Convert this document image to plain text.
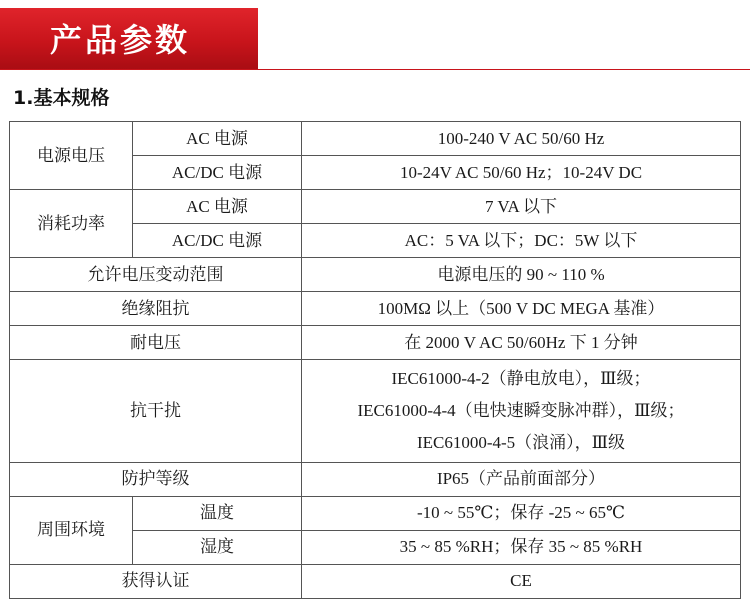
产品参数
1.基本规格
电源电压	AC 电源	100-240 V AC 50/60 Hz
	AC/DC 电源	10-24V AC 50/60 Hz；10-24V DC
消耗功率	AC 电源	7 VA 以下
	AC/DC 电源	AC：5 VA 以下；DC：5W 以下
允许电压变动范围		电源电压的 90 ~ 110 %
绝缘阻抗		100MΩ 以上（500 V DC MEGA 基准）
耐电压		在 2000 V AC 50/60Hz 下 1 分钟
抗干扰		IEC61000-4-2（静电放电），Ⅲ级；
IEC61000-4-4（电快速瞬变脉冲群），Ⅲ级；
IEC61000-4-5（浪涌），Ⅲ级

防护等级		IP65（产品前面部分）
周围环境	温度	-10 ~ 55℃；保存 -25 ~ 65℃
	湿度	35 ~ 85 %RH；保存 35 ~ 85 %RH
获得认证		CE
